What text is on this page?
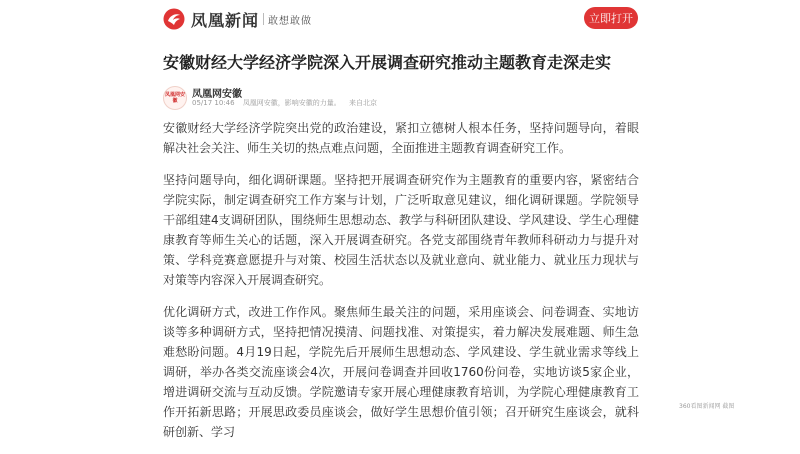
凤凰新闻 敢想敢做	立即打开
安徽财经大学经济学院深入开展调查研究推动主题教育走深走实
凤凰网安徽
凤凰网安徽
05/17 10:46 凤凰网安徽，影响安徽的力量。 来自北京

安徽财经大学经济学院突出党的政治建设，紧扣立德树人根本任务，坚持问题导向，着眼解决社会关注、师生关切的热点难点问题，全面推进主题教育调查研究工作。

坚持问题导向，细化调研课题。坚持把开展调查研究作为主题教育的重要内容，紧密结合学院实际，制定调查研究工作方案与计划，广泛听取意见建议，细化调研课题。学院领导干部组建4支调研团队，围绕师生思想动态、教学与科研团队建设、学风建设、学生心理健康教育等师生关心的话题，深入开展调查研究。各党支部围绕青年教师科研动力与提升对策、学科竞赛意愿提升与对策、校园生活状态以及就业意向、就业能力、就业压力现状与对策等内容深入开展调查研究。

优化调研方式，改进工作作风。聚焦师生最关注的问题，采用座谈会、问卷调查、实地访谈等多种调研方式，坚持把情况摸清、问题找准、对策提实，着力解决发展难题、师生急难愁盼问题。4月19日起，学院先后开展师生思想动态、学风建设、学生就业需求等线上调研，举办各类交流座谈会4次，开展问卷调查并回收1760份问卷，实地访谈5家企业，增进调研交流与互动反馈。学院邀请专家开展心理健康教育培训，为学院心理健康教育工作开拓新思路；开展思政委员座谈会，做好学生思想价值引领；召开研究生座谈会，就科研创新、学习

360看图新闻网 截图
